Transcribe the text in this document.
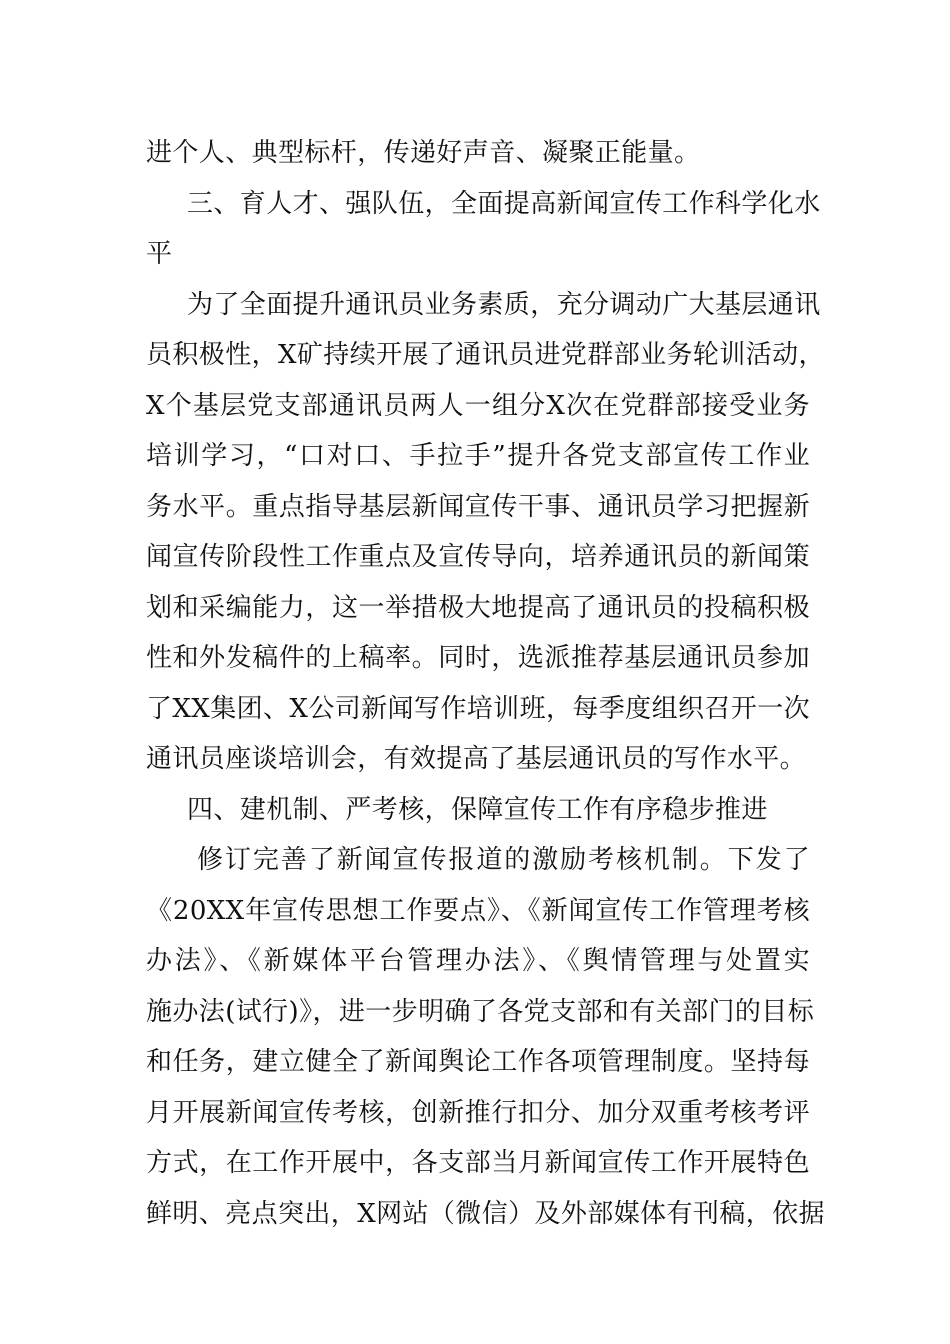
进个人、典型标杆，传递好声音、凝聚正能量。
三、育人才、强队伍，全面提高新闻宣传工作科学化水
平
为了全面提升通讯员业务素质，充分调动广大基层通讯
员积极性，X矿持续开展了通讯员进党群部业务轮训活动，
X个基层党支部通讯员两人一组分X次在党群部接受业务
培训学习，“口对口、手拉手”提升各党支部宣传工作业
务水平。重点指导基层新闻宣传干事、通讯员学习把握新
闻宣传阶段性工作重点及宣传导向，培养通讯员的新闻策
划和采编能力，这一举措极大地提高了通讯员的投稿积极
性和外发稿件的上稿率。同时，选派推荐基层通讯员参加
了XX集团、X公司新闻写作培训班，每季度组织召开一次
通讯员座谈培训会，有效提高了基层通讯员的写作水平。
四、建机制、严考核，保障宣传工作有序稳步推进
修订完善了新闻宣传报道的激励考核机制。下发了
《20XX年宣传思想工作要点》、《新闻宣传工作管理考核
办法》、《新媒体平台管理办法》、《舆情管理与处置实
施办法(试行)》，进一步明确了各党支部和有关部门的目标
和任务，建立健全了新闻舆论工作各项管理制度。坚持每
月开展新闻宣传考核，创新推行扣分、加分双重考核考评
方式，在工作开展中，各支部当月新闻宣传工作开展特色
鲜明、亮点突出，X网站（微信）及外部媒体有刊稿，依据
